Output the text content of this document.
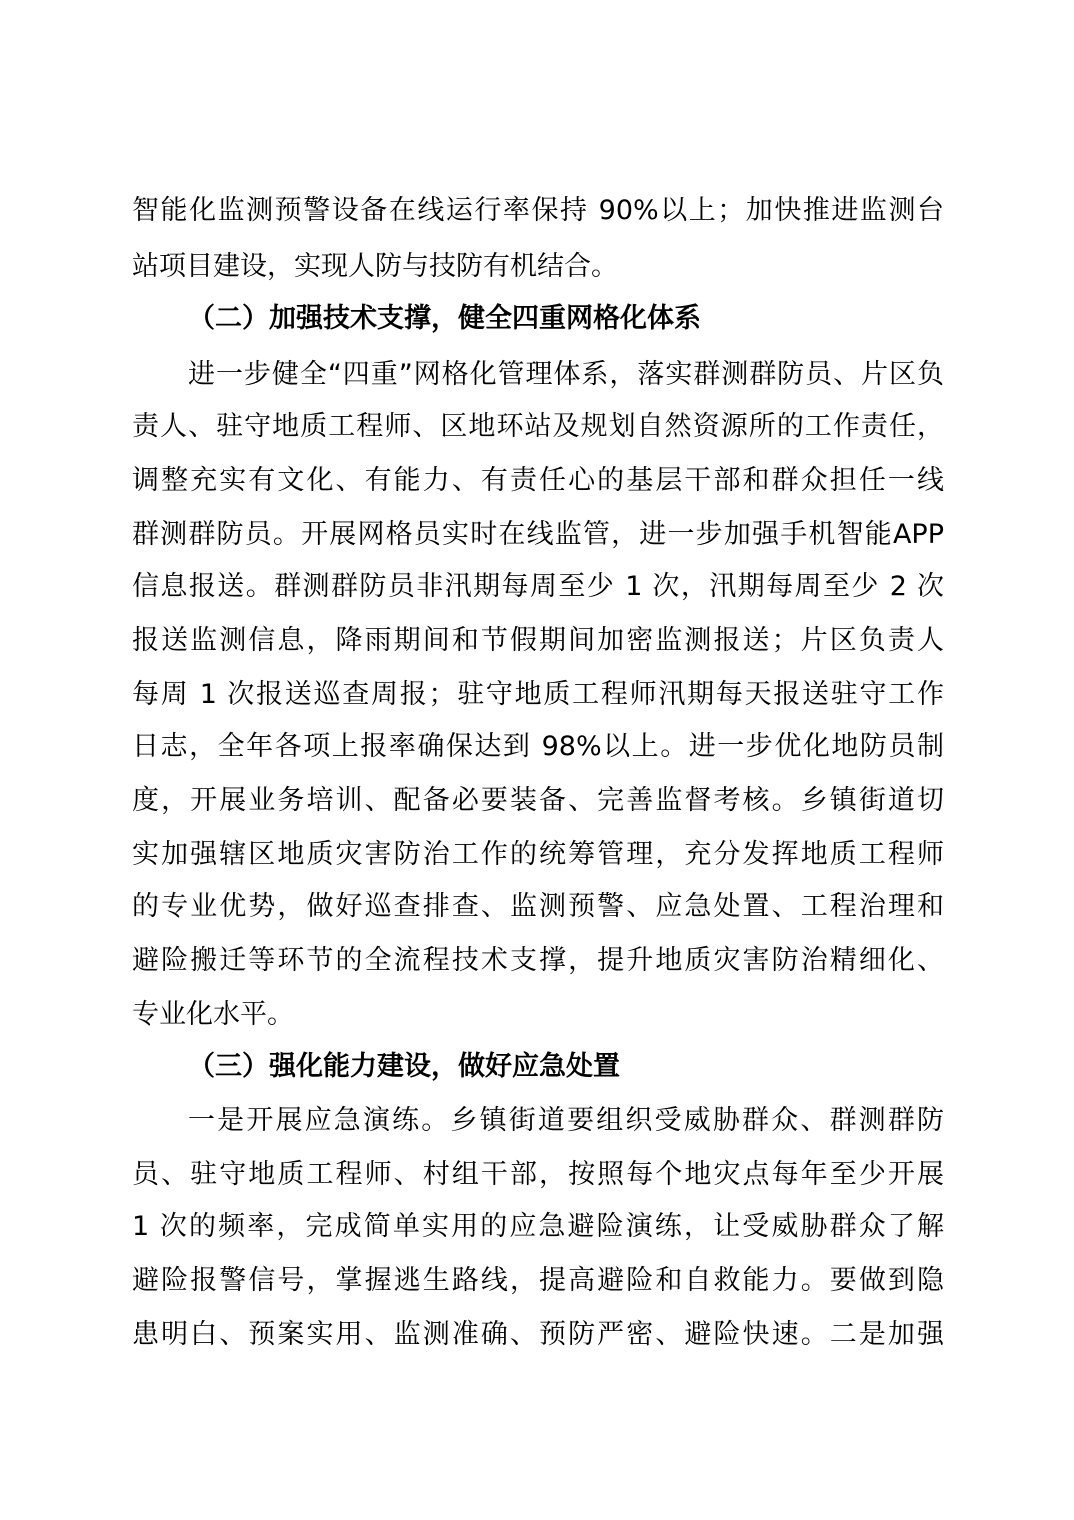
智能化监测预警设备在线运行率保持 90%以上；加快推进监测台
站项目建设，实现人防与技防有机结合。
（二）加强技术支撑，健全四重网格化体系
进一步健全“四重”网格化管理体系，落实群测群防员、片区负
责人、驻守地质工程师、区地环站及规划自然资源所的工作责任，
调整充实有文化、有能力、有责任心的基层干部和群众担任一线
群测群防员。开展网格员实时在线监管，进一步加强手机智能APP
信息报送。群测群防员非汛期每周至少 1 次，汛期每周至少 2 次
报送监测信息，降雨期间和节假期间加密监测报送；片区负责人
每周 1 次报送巡查周报；驻守地质工程师汛期每天报送驻守工作
日志，全年各项上报率确保达到 98%以上。进一步优化地防员制
度，开展业务培训、配备必要装备、完善监督考核。乡镇街道切
实加强辖区地质灾害防治工作的统筹管理，充分发挥地质工程师
的专业优势，做好巡查排查、监测预警、应急处置、工程治理和
避险搬迁等环节的全流程技术支撑，提升地质灾害防治精细化、
专业化水平。
（三）强化能力建设，做好应急处置
一是开展应急演练。乡镇街道要组织受威胁群众、群测群防
员、驻守地质工程师、村组干部，按照每个地灾点每年至少开展
1 次的频率，完成简单实用的应急避险演练，让受威胁群众了解
避险报警信号，掌握逃生路线，提高避险和自救能力。要做到隐
患明白、预案实用、监测准确、预防严密、避险快速。二是加强
